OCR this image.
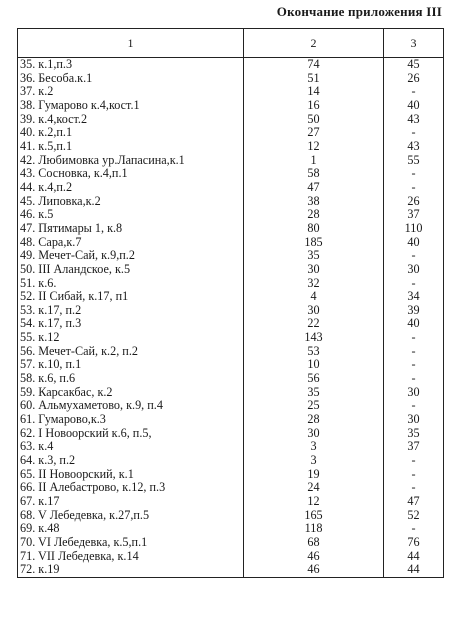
Окончание приложения III
1	2	3
35. к.1,п.3	74	45
36. Бесоба.к.1	51	26
37. к.2	14	-
38. Гумарово к.4,кост.1	16	40
39. к.4,кост.2	50	43
40. к.2,п.1	27	-
41. к.5,п.1	12	43
42. Любимовка ур.Лапасина,к.1	1	55
43. Сосновка, к.4,п.1	58	-
44. к.4,п.2	47	-
45. Липовка,к.2	38	26
46. к.5	28	37
47. Пятимары 1, к.8	80	110
48. Сара,к.7	185	40
49. Мечет-Сай, к.9,п.2	35	-
50. III Аландское, к.5	30	30
51. к.6.	32	-
52. II Сибай, к.17, п1	4	34
53. к.17, п.2	30	39
54. к.17, п.3	22	40
55. к.12	143	-
56. Мечет-Сай, к.2, п.2	53	-
57. к.10, п.1	10	-
58. к.6, п.6	56	-
59. Карсакбас, к.2	35	30
60. Альмухаметово, к.9, п.4	25	-
61. Гумарово,к.3	28	30
62. I Новоорский к.6, п.5,	30	35
63. к.4	3	37
64. к.3, п.2	3	-
65. II Новоорский, к.1	19	-
66. II Алебастрово, к.12, п.3	24	-
67. к.17	12	47
68. V Лебедевка, к.27,п.5	165	52
69. к.48	118	-
70. VI Лебедевка, к.5,п.1	68	76
71. VII Лебедевка, к.14	46	44
72. к.19	46	44
